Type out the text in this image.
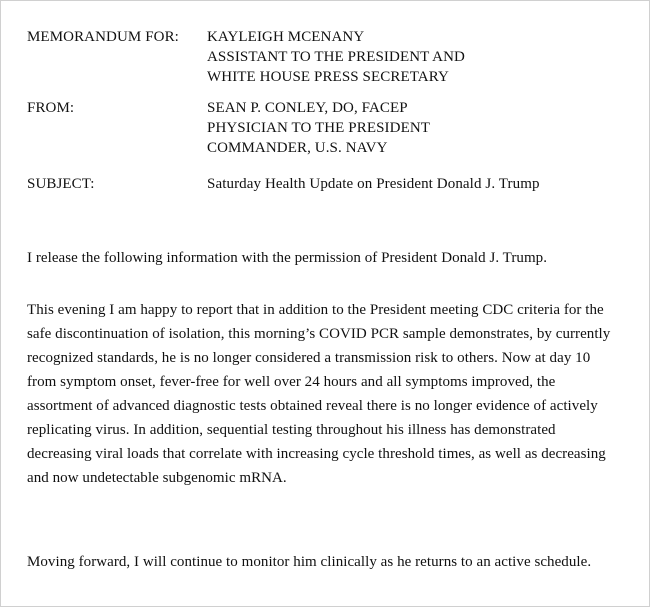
MEMORANDUM FOR: KAYLEIGH MCENANY
ASSISTANT TO THE PRESIDENT AND
WHITE HOUSE PRESS SECRETARY
FROM:	SEAN P. CONLEY, DO, FACEP
PHYSICIAN TO THE PRESIDENT
COMMANDER, U.S. NAVY
SUBJECT:	Saturday Health Update on President Donald J. Trump

I release the following information with the permission of President Donald J. Trump.

This evening I am happy to report that in addition to the President meeting CDC criteria for the
safe discontinuation of isolation, this morning’s COVID PCR sample demonstrates, by currently
recognized standards, he is no longer considered a transmission risk to others. Now at day 10
from symptom onset, fever-free for well over 24 hours and all symptoms improved, the
assortment of advanced diagnostic tests obtained reveal there is no longer evidence of actively
replicating virus. In addition, sequential testing throughout his illness has demonstrated
decreasing viral loads that correlate with increasing cycle threshold times, as well as decreasing
and now undetectable subgenomic mRNA.

Moving forward, I will continue to monitor him clinically as he returns to an active schedule.
